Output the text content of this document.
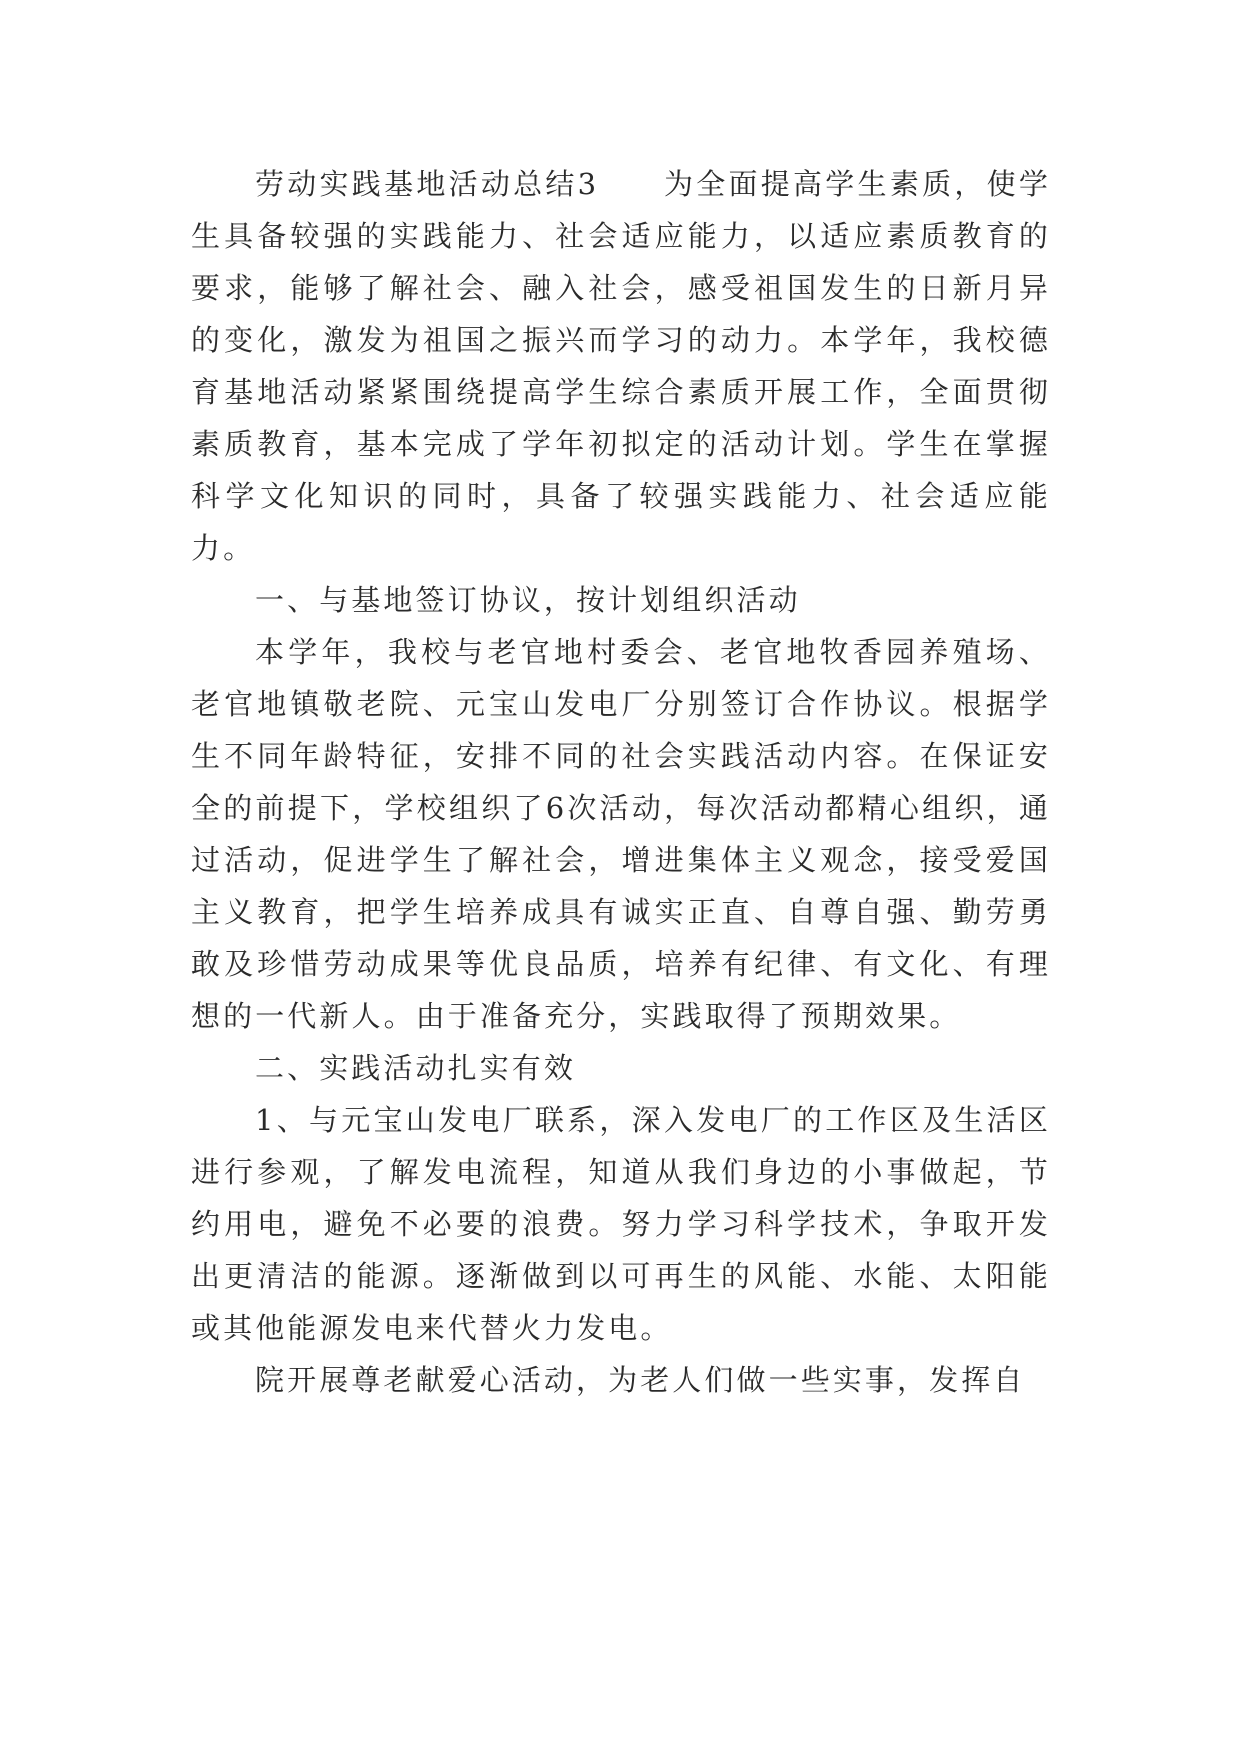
劳动实践基地活动总结3　　为全面提高学生素质，使学生具备较强的实践能力、社会适应能力，以适应素质教育的要求，能够了解社会、融入社会，感受祖国发生的日新月异的变化，激发为祖国之振兴而学习的动力。本学年，我校德育基地活动紧紧围绕提高学生综合素质开展工作，全面贯彻素质教育，基本完成了学年初拟定的活动计划。学生在掌握科学文化知识的同时，具备了较强实践能力、社会适应能力。

一、与基地签订协议，按计划组织活动

本学年，我校与老官地村委会、老官地牧香园养殖场、老官地镇敬老院、元宝山发电厂分别签订合作协议。根据学生不同年龄特征，安排不同的社会实践活动内容。在保证安全的前提下，学校组织了6次活动，每次活动都精心组织，通过活动，促进学生了解社会，增进集体主义观念，接受爱国主义教育，把学生培养成具有诚实正直、自尊自强、勤劳勇敢及珍惜劳动成果等优良品质，培养有纪律、有文化、有理想的一代新人。由于准备充分，实践取得了预期效果。

二、实践活动扎实有效

1、与元宝山发电厂联系，深入发电厂的工作区及生活区进行参观，了解发电流程，知道从我们身边的小事做起，节约用电，避免不必要的浪费。努力学习科学技术，争取开发出更清洁的能源。逐渐做到以可再生的风能、水能、太阳能或其他能源发电来代替火力发电。

院开展尊老献爱心活动，为老人们做一些实事，发挥自
